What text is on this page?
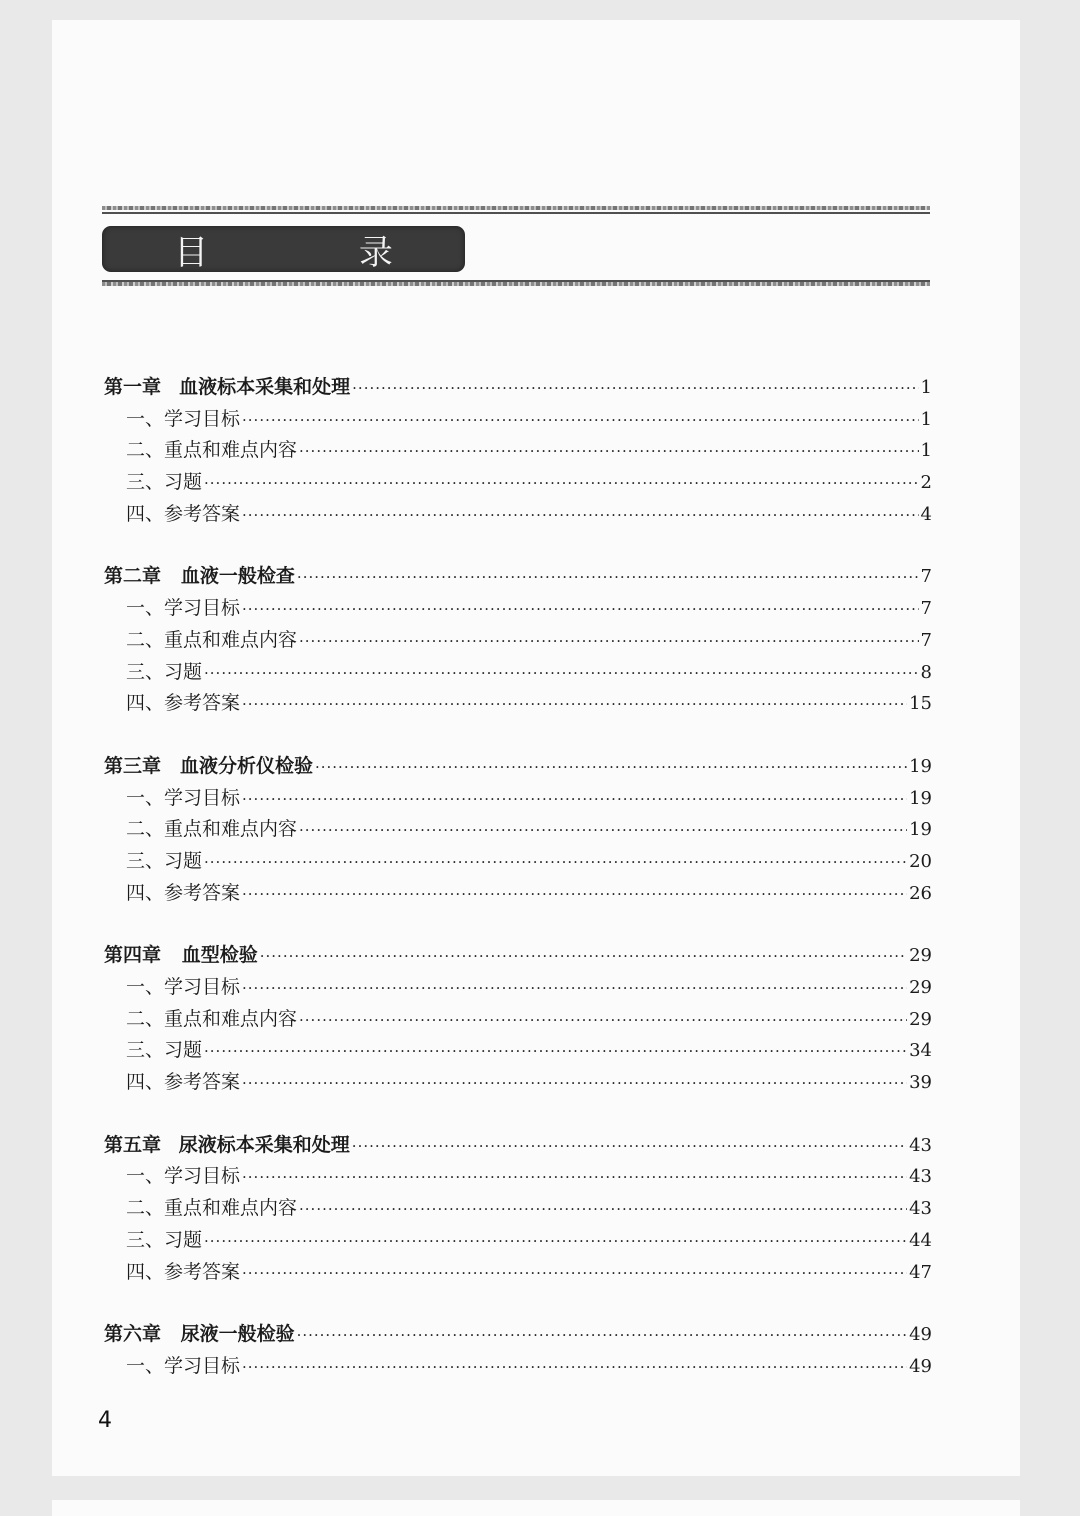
目 录
第一章 血液标本采集和处理 ·····	1
一、学习目标 ·····	1
二、重点和难点内容 ·····	1
三、习题 ·····	2
四、参考答案 ·····	4
第二章 血液一般检查 ·····	7
一、学习目标 ·····	7
二、重点和难点内容 ·····	7
三、习题 ·····	8
四、参考答案 ·····	15
第三章 血液分析仪检验 ·····	19
一、学习目标 ·····	19
二、重点和难点内容 ·····	19
三、习题 ·····	20
四、参考答案 ·····	26
第四章 血型检验 ·····	29
一、学习目标 ·····	29
二、重点和难点内容 ·····	29
三、习题 ·····	34
四、参考答案 ·····	39
第五章 尿液标本采集和处理 ·····	43
一、学习目标 ·····	43
二、重点和难点内容 ·····	43
三、习题 ·····	44
四、参考答案 ·····	47
第六章 尿液一般检验 ·····	49
一、学习目标 ·····	49
4
